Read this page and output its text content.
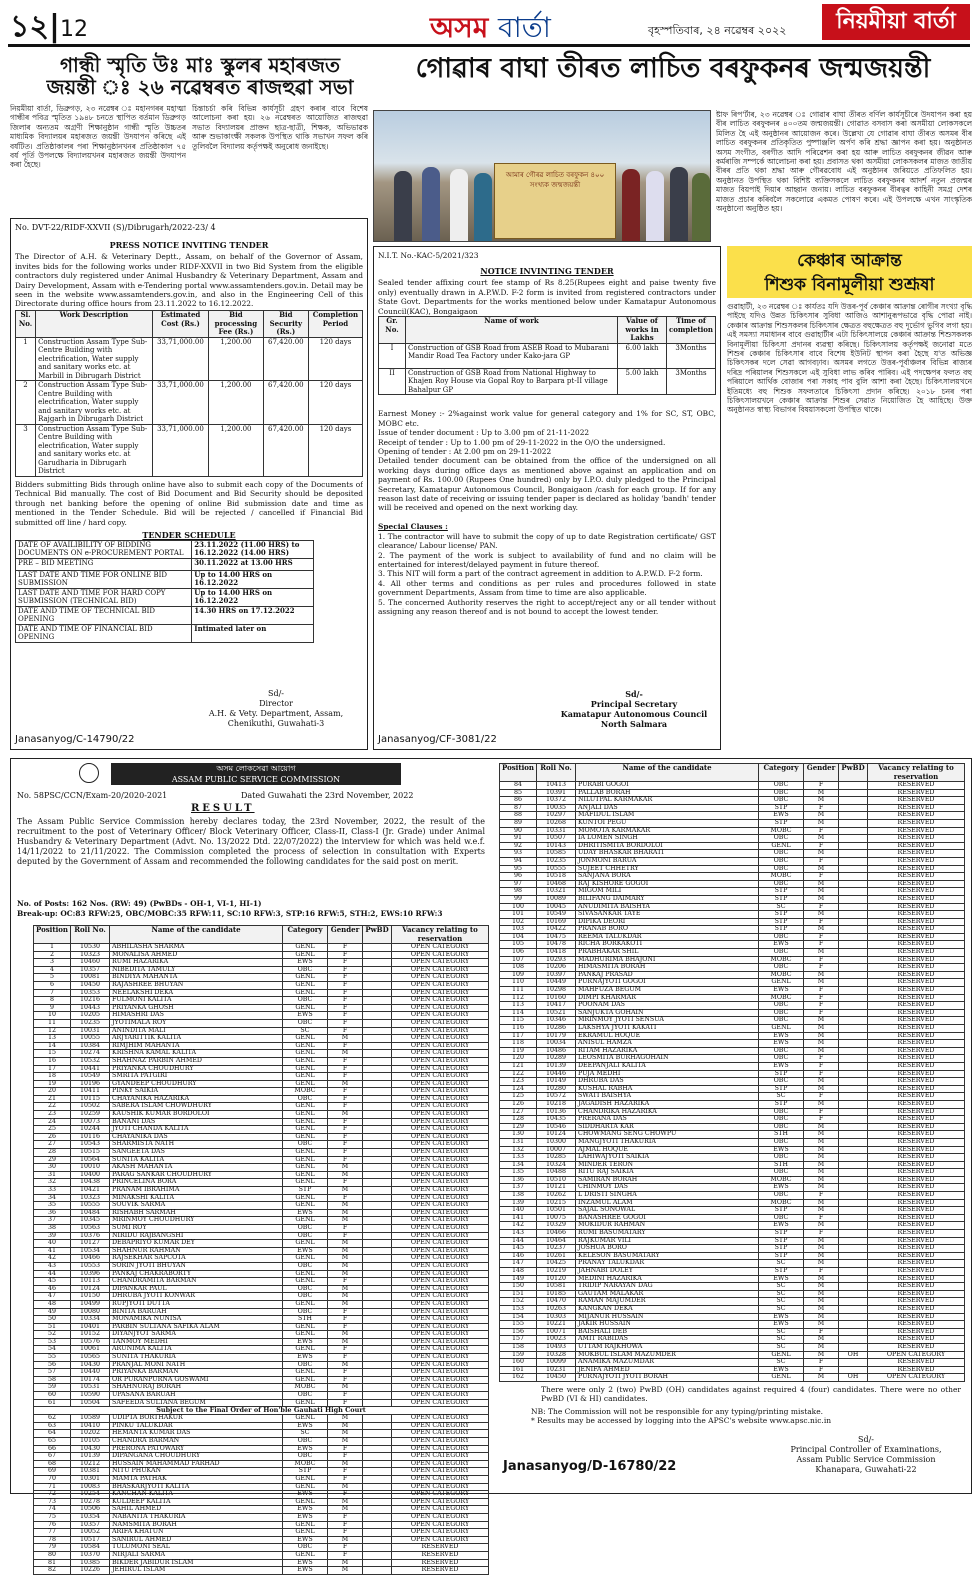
১২|12	অসম বার্তা	বৃহস্পতিবাৰ, ২৪ নৱেম্বৰ ২০২২	নিয়মীয়া বার্তা
গান্ধী স্মৃতি উঃ মাঃ স্কুলৰ মহাৰজত
জয়ন্তী ঃ ২৬ নৱেম্বৰত ৰাজহুৱা সভা
নিয়মীয়া বাৰ্তা, ডিব্ৰুগড়, ২৩ নৱেম্বৰ ঃ মহানগৰৰ মহাত্মা গান্ধীৰ পবিত্ৰ স্মৃতিত ১৯৪৮ চনতে স্থাপিত বৰ্তমান ডিব্ৰুগড় জিলাৰ অন্যতম অগ্ৰণী শিক্ষানুষ্ঠান গান্ধী স্মৃতি উচ্চতৰ মাধ্যমিক বিদ্যালয়ৰ মহাৰজত জয়ন্তী উদযাপন কৰিছে এই বৰ্ষটিত। প্ৰতিষ্ঠাকালৰ পৰা শিক্ষানুষ্ঠানখনৰ প্ৰতিষ্ঠাকাল ৭৫ বৰ্ষ পূৰ্তি উপলক্ষে বিদ্যালয়খনৰ মহাৰজত জয়ন্তী উদযাপন কৰা হৈছে।
চিন্তাচৰ্চা কৰি বিভিন্ন কাৰ্যসূচী গ্ৰহণ কৰাৰ বাবে বিশেষ আলোচনা কৰা হয়। ২৬ নৱেম্বৰত আয়োজিত ৰাজহুৱা সভাত বিদ্যালয়ৰ প্ৰাক্তন ছাত্ৰ-ছাত্ৰী, শিক্ষক, অভিভাৱক আৰু শুভাকাংক্ষী সকলক উপস্থিত থাকি সভাখন সফল কৰি তুলিবলৈ বিদ্যালয় কৰ্তৃপক্ষই অনুৰোধ জনাইছে।
No. DVT-22/RIDF-XXVII (S)/Dibrugarh/2022-23/ 4
PRESS NOTICE INVITING TENDER
The Director of A.H. & Veterinary Deptt., Assam, on behalf of the Governor of Assam, invites bids for the following works under RIDF-XXVII in two Bid System from the eligible contractors duly registered under Animal Husbandry & Veterinary Department, Assam and Dairy Development, Assam with e-Tendering portal www.assamtenders.gov.in. Detail may be seen in the website www.assamtenders.gov.in, and also in the Engineering Cell of this Directorate during office hours from 23.11.2022 to 16.12.2022.
Sl. No.	Work Description	Estimated Cost (Rs.)	Bid processing Fee (Rs.)	Bid Security (Rs.)	Completion Period
1	Construction Assam Type Sub-Centre Building with electrification, Water supply and sanitary works etc. at Marbill in Dibrugarh District	33,71,000.00	1,200.00	67,420.00	120 days
2	Construction Assam Type Sub-Centre Building with electrification, Water supply and sanitary works etc. at Rajgarh in Dibrugarh District	33,71,000.00	1,200.00	67,420.00	120 days
3	Construction Assam Type Sub-Centre Building with electrification, Water supply and sanitary works etc. at Garudharia in Dibrugarh District	33,71,000.00	1,200.00	67,420.00	120 days
Bidders submitting Bids through online have also to submit each copy of the Documents of Technical Bid manually. The cost of Bid Document and Bid Security should be deposited through net banking before the opening of online Bid submission date and time as mentioned in the Tender Schedule. Bid will be rejected / cancelled if Financial Bid submitted off line / hard copy.
TENDER SCHEDULE
DATE OF AVAILIBILITY OF BIDDING DOCUMENTS ON e-PROCUREMENT PORTAL	23.11.2022 (11.00 HRS) to 16.12.2022 (14.00 HRS)
PRE – BID MEETING	30.11.2022 at 13.00 HRS
LAST DATE AND TIME FOR ONLINE BID SUBMISSION	Up to 14.00 HRS on 16.12.2022
LAST DATE AND TIME FOR HARD COPY SUBMISSION (TECHNICAL BID)	Up to 14.00 HRS on 16.12.2022
DATE AND TIME OF TECHNICAL BID OPENING	14.30 HRS on 17.12.2022
DATE AND TIME OF FINANCIAL BID OPENING	Intimated later on
Sd/-
Director
A.H. & Vety. Department, Assam,
Chenikuthi, Guwahati-3
Janasanyog/C-14790/22
গোৱাৰ বাঘা তীৰত লাচিত বৰফুকনৰ জন্মজয়ন্তী
আমাৰ গৌৰৱ লাচিত বৰফুকন ৪০০ সংখ্যক জন্মজয়ন্তী
ষ্টাফ ৰিপ'ৰ্টাৰ, ২৩ নৱেম্বৰ ঃ গোৱাৰ বাঘা তীৰত বৰ্ণিল কাৰ্যসূচীৰে উদযাপন কৰা হয় বীৰ লাচিত বৰফুকনৰ ৪০০তম জন্মজয়ন্তী। গোৱাত বসবাস কৰা অসমীয়া লোকসকলে মিলিত হৈ এই অনুষ্ঠানৰ আয়োজন কৰে। উল্লেখ্য যে গোৱাৰ বাঘা তীৰত অসমৰ বীৰ লাচিত বৰফুকনৰ প্ৰতিকৃতিত পুষ্পাঞ্জলি অৰ্পণ কৰি শ্ৰদ্ধা জ্ঞাপন কৰা হয়। অনুষ্ঠানত অসম সংগীত, বৰগীত আদি পৰিৱেশন কৰা হয় আৰু লাচিত বৰফুকনৰ জীৱন আৰু কৰ্মৰাজি সম্পৰ্কে আলোচনা কৰা হয়। প্ৰবাসত থকা অসমীয়া লোকসকলৰ মাজত জাতীয় বীৰৰ প্ৰতি থকা শ্ৰদ্ধা আৰু গৌৰৱবোধ এই অনুষ্ঠানৰ জৰিয়তে প্ৰতিফলিত হয়। অনুষ্ঠানত উপস্থিত থকা বিশিষ্ট ব্যক্তিসকলে লাচিত বৰফুকনৰ আদৰ্শ নতুন প্ৰজন্মৰ মাজত বিয়পাই দিয়াৰ আহ্বান জনায়। লাচিত বৰফুকনৰ বীৰত্বৰ কাহিনী সমগ্ৰ দেশৰ মাজত প্ৰচাৰ কৰিবলৈ সকলোৱে একমত পোষণ কৰে। এই উপলক্ষে এখন সাংস্কৃতিক অনুষ্ঠানো অনুষ্ঠিত হয়।
N.I.T. No.-KAC-5/2021/323
NOTICE INVINTING TENDER
Sealed tender affixing court fee stamp of Rs 8.25(Rupees eight and paise twenty five only) eventually drawn in A.P.W.D. F-2 form is invited from registered contractors under State Govt. Departments for the works mentioned below under Kamatapur Autonomous Council(KAC), Bongaigaon
Gr. No.	Name of work	Value of works in Lakhs	Time of completion
I	Construction of GSB Road from ASEB Road to Mubarani Mandir Road Tea Factory under Kako-jara GP	6.00 lakh	3Months
II	Construction of GSB Road from National Highway to Khajen Roy House via Gopal Roy to Barpara pt-II village Bahalpur GP	5.00 lakh	3Months
Earnest Money :- 2%against work value for general category and 1% for SC, ST, OBC, MOBC etc.
Issue of tender document : Up to 3.00 pm of 21-11-2022
Receipt of tender : Up to 1.00 pm of 29-11-2022 in the O/O the undersigned.
Opening of tender : At 2.00 pm on 29-11-2022
Detailed tender document can be obtained from the office of the undersigned on all working days during office days as mentioned above against an application and on payment of Rs. 100.00 (Rupees One hundred) only by I.P.O. duly pledged to the Principal Secretary, Kamatapur Autonomous Council, Bongaigaon /cash for each group. If for any reason last date of receiving or issuing tender paper is declared as holiday 'bandh' tender will be received and opened on the next working day.
Special Clauses :
1. The contractor will have to submit the copy of up to date Registration certificate/ GST clearance/ Labour license/ PAN.
2. The payment of the work is subject to availability of fund and no claim will be entertained for interest/delayed payment in future thereof.
3. This NIT will form a part of the contract agreement in addition to A.P.W.D. F-2 form.
4. All other terms and conditions as per rules and procedures followed in state government Departments, Assam from time to time are also applicable.
5. The concerned Authority reserves the right to accept/reject any or all tender without assigning any reason thereof and is not bound to accept the lowest tender.
Sd/-
Principal Secretary
Kamatapur Autonomous Council
North Salmara
Janasanyog/CF-3081/22
কেঞ্চাৰ আক্ৰান্ত
শিশুক বিনামূলীয়া শুশ্ৰূষা
গুৱাহাটী, ২৩ নৱেম্বৰ ঃ কাৰ্যতঃ যদি উত্তৰ-পূৰ্ব কেঞ্চাৰ আক্ৰান্ত ৰোগীৰ সংখ্যা বৃদ্ধি পাইছে যদিও উন্নত চিকিৎসাৰ সুবিধা আজিও আশানুৰূপভাৱে বৃদ্ধি পোৱা নাই। কেঞ্চাৰ আক্ৰান্ত শিশুসকলৰ চিকিৎসাৰ ক্ষেত্ৰত বহুক্ষেত্ৰত বহু দূৰ্ভোগ ভুগিব লগা হয়। এই সমস্যা সমাধানৰ বাবে গুৱাহাটীৰ এটা চিকিৎসালয়ে কেঞ্চাৰ আক্ৰান্ত শিশুসকলক বিনামূলীয়া চিকিৎসা প্ৰদানৰ ব্যৱস্থা কৰিছে। চিকিৎসালয় কৰ্তৃপক্ষই জনোৱা মতে শিশুৰ কেঞ্চাৰ চিকিৎসাৰ বাবে বিশেষ ইউনিট স্থাপন কৰা হৈছে য'ত অভিজ্ঞ চিকিৎসকৰ দলে সেৱা আগবঢ়াব। অসমৰ লগতে উত্তৰ-পূৰ্বাঞ্চলৰ বিভিন্ন ৰাজ্যৰ দৰিদ্ৰ পৰিয়ালৰ শিশুসকলে এই সুবিধা লাভ কৰিব পাৰিব। এই পদক্ষেপৰ ফলত বহু পৰিয়ালে আৰ্থিক বোজাৰ পৰা সকাহ পাব বুলি আশা কৰা হৈছে। চিকিৎসালয়খনে ইতিমধ্যে বহু শিশুক সফলতাৰে চিকিৎসা প্ৰদান কৰিছে। ২০১৮ চনৰ পৰা চিকিৎসালয়খনে কেঞ্চাৰ আক্ৰান্ত শিশুৰ সেৱাত নিয়োজিত হৈ আহিছে। উক্ত অনুষ্ঠানত স্বাস্থ্য বিভাগৰ বিষয়াসকলো উপস্থিত থাকে।
অসম লোকসেৱা আয়োগ
ASSAM PUBLIC SERVICE COMMISSION
No. 58PSC/CCN/Exam-20/2020-2021	Dated Guwahati the 23rd November, 2022
RESULT
The Assam Public Service Commission hereby declares today, the 23rd November, 2022, the result of the recruitment to the post of Veterinary Officer/ Block Veterinary Officer, Class-II, Class-I (Jr. Grade) under Animal Husbandry & Veterinary Department (Advt. No. 13/2022 Dtd. 22/07/2022) the interview for which was held w.e.f. 14/11/2022 to 21/11/2022. The Commission completed the process of selection in consultation with Experts deputed by the Government of Assam and recommended the following candidates for the said post on merit.
No. of Posts: 162 Nos. (RW: 49) (PwBDs - OH-1, VI-1, HI-1)
Break-up: OC:83 RFW:25, OBC/MOBC:35 RFW:11, SC:10 RFW:3, STP:16 RFW:5, STH:2, EWS:10 RFW:3
Position	Roll No.	Name of the candidate	Category	Gender	PwBD	Vacancy relating to reservation
1	10530	ABHILASHA SHARMA	GENL	F		OPEN CATEGORY
2	10323	MONALISA AHMED	GENL	F		OPEN CATEGORY
3	10460	RUMI HAZARIKA	EWS	F		OPEN CATEGORY
4	10357	NIBEDITA TAMULY	OBC	F		OPEN CATEGORY
5	10081	BINDIYA MAHANTA	GENL	F		OPEN CATEGORY
6	10450	RAJASHREE BHUYAN	GENL	F		OPEN CATEGORY
7	10353	NEELAKSHI DEKA	GENL	F		OPEN CATEGORY
8	10216	FULMONI KALITA	OBC	F		OPEN CATEGORY
9	10443	PRIYANKA GHOSH	GENL	F		OPEN CATEGORY
10	10205	HIMASHRI DAS	EWS	F		OPEN CATEGORY
11	10235	JYOTIMALA ROY	OBC	F		OPEN CATEGORY
12	10031	ANINDITA MALI	SC	F		OPEN CATEGORY
13	10055	ARJYARITTIK KALITA	GENL	M		OPEN CATEGORY
14	10384	RIMJHIM MAHANTA	GENL	F		OPEN CATEGORY
15	10274	KRISHNA KAMAL KALITA	GENL	M		OPEN CATEGORY
16	10532	SHAHNAZ PARBIN AHMED	GENL	F		OPEN CATEGORY
17	10441	PRIYANKA CHOUDHURY	GENL	F		OPEN CATEGORY
18	10549	SMRITA PATGIRI	GENL	F		OPEN CATEGORY
19	10196	GYANDEEP CHOUDHURY	GENL	M		OPEN CATEGORY
20	10411	PINKY SAIKIA	MOBC	F		OPEN CATEGORY
21	10115	CHAYANIKA HAZARIKA	OBC	F		OPEN CATEGORY
22	10502	SABERA ISLAM CHOWDHURY	GENL	F		OPEN CATEGORY
23	10259	KAUSHIK KUMAR BORDOLOI	GENL	M		OPEN CATEGORY
24	10073	BANANI DAS	GENL	F		OPEN CATEGORY
25	10244	JYOTI CHANDA KALITA	GENL	F		OPEN CATEGORY
26	10116	CHAYANIKA DAS	GENL	F		OPEN CATEGORY
27	10543	SHARMISTA NATH	OBC	F		OPEN CATEGORY
28	10515	SANGEETA DAS	GENL	F		OPEN CATEGORY
29	10564	SUNITA KALITA	GENL	F		OPEN CATEGORY
30	10010	AKASH MAHANTA	GENL	M		OPEN CATEGORY
31	10400	PARAG SANKAR CHOUDHURY	GENL	M		OPEN CATEGORY
32	10438	PRINCELINA BORA	GENL	F		OPEN CATEGORY
33	10421	PRANAM IBRAHIMA	STP	M		OPEN CATEGORY
34	10323	MINAKSHI KALITA	GENL	F		OPEN CATEGORY
35	10555	SOUVIK SARMA	GENL	M		OPEN CATEGORY
36	10484	RISHABH SARMAH	EWS	M		OPEN CATEGORY
37	10345	MRINMOY CHOUDHURY	GENL	M		OPEN CATEGORY
38	10563	SUMI ROY	OBC	F		OPEN CATEGORY
39	10376	NIRIDU RAJBANGSHI	OBC	F		OPEN CATEGORY
40	10127	DEBAPRIYO KUMAR DEY	GENL	M		OPEN CATEGORY
41	10534	SHAHNUR RAHMAN	EWS	M		OPEN CATEGORY
42	10466	RAJSEKHAR SAPCOTA	GENL	M		OPEN CATEGORY
43	10553	SORIN JYOTI BHUYAN	OBC	M		OPEN CATEGORY
44	10396	PANKAJ CHAKRABORTY	GENL	M		OPEN CATEGORY
45	10113	CHANDRAMITA BARMAN	GENL	F		OPEN CATEGORY
46	10124	DIPANKAR PAUL	OBC	M		OPEN CATEGORY
47	10150	DHRUBA JYOTI KONWAR	OBC	M		OPEN CATEGORY
48	10499	RUPJYOTI DUTTA	GENL	M		OPEN CATEGORY
49	10080	BINITA BARUAH	OBC	F		OPEN CATEGORY
50	10334	MONAMIKA NUNISA	STH	F		OPEN CATEGORY
51	10401	PARBIN SULTANA SAFIKA ALAM	GENL	F		OPEN CATEGORY
52	10152	DIYANJYOT SARMA	GENL	M		OPEN CATEGORY
53	10576	TANMOY MEDHI	EWS	M		OPEN CATEGORY
54	10061	ARUNIMA KALITA	GENL	F		OPEN CATEGORY
55	10565	SUNITA THAKURIA	EWS	F		OPEN CATEGORY
56	10430	PRANJAL MONI NATH	OBC	M		OPEN CATEGORY
57	10440	PRIYANKA BARMAN	GENL	F		OPEN CATEGORY
58	10174	OR PURANPURNA GOSWAMI	GENL	F		OPEN CATEGORY
59	10531	SHAHNURAJ BORAH	MOBC	M		OPEN CATEGORY
60	10590	UPASANA BARUAH	OBC	F		OPEN CATEGORY
61	10504	SAFEEDA SULTANA BEGUM	GENL	F		OPEN CATEGORY
Subject to the Final Order of Hon'ble Gauhati High Court						
62	10589	UDIPTA BORTHAKUR	GENL	M		OPEN CATEGORY
63	10410	PINKU TALUKDAR	EWS	M		OPEN CATEGORY
64	10202	HEMANTA KUMAR DAS	SC	M		OPEN CATEGORY
65	10105	CHANDRA BARMAN	OBC	M		OPEN CATEGORY
66	10430	PRERONA PATOWARY	EWS	F		OPEN CATEGORY
67	10139	DIPANGANA CHOUDHURY	OBC	F		OPEN CATEGORY
68	10212	HUSSAIN MAHAMMAD FARHAD	MOBC	M		OPEN CATEGORY
69	10381	NITU PHUKAN	STP	F		OPEN CATEGORY
70	10301	MAMTA PATHAK	GENL	F		OPEN CATEGORY
71	10083	BHASKARJYOTI KALITA	GENL	M		OPEN CATEGORY
72	10254	KANCHAN KALITA	EWS	F		OPEN CATEGORY
73	10278	KULDEEP KALITA	GENL	M		OPEN CATEGORY
74	10506	SAHIL AHMED	EWS	M		OPEN CATEGORY
75	10354	NABANITA THAKURIA	EWS	F		OPEN CATEGORY
76	10357	NAMSMITA BORAH	GENL	F		OPEN CATEGORY
77	10052	ARIFA KHATUN	GENL	F		OPEN CATEGORY
78	10517	SANIRUL AHMED	EWS	M		OPEN CATEGORY
79	10584	TULUMONI SEAL	OBC	F		RESERVED
80	10370	NIRJALI SARMA	GENL	F		RESERVED
81	10385	BIKDER JABIDUR ISLAM	EWS	M		RESERVED
82	10226	JEHIRUL ISLAM	EWS	M		RESERVED
Position	Roll No.	Name of the candidate	Category	Gender	PwBD	Vacancy relating to reservation
84	10413	PURABI GOGOI	OBC	F		RESERVED
85	10391	PALLAB BORAH	OBC	M		RESERVED
86	10372	NILUTPAL KARMAKAR	OBC	M		RESERVED
87	10035	ANJALI DAS	STP	F		RESERVED
88	10297	MAFIDUL ISLAM	EWS	M		RESERVED
89	10268	KUNTOI PEGU	STP	M		RESERVED
90	10331	MOMOTA KARMAKAR	MOBC	F		RESERVED
91	10507	IA LOMEN SINGH	OBC	M		RESERVED
92	10143	DHRITISMITA BORDOLOI	GENL	F		RESERVED
93	10585	UDAY BHASKAR BHARATI	OBC	M		RESERVED
94	10235	JONMONI BARUA	OBC	F		RESERVED
95	10555	SUJEET CHHETRY	OBC	M		RESERVED
96	10518	SANJANA BORA	MOBC	F		RESERVED
97	10468	RAJ KISHORE GOGOI	OBC	M		RESERVED
98	10321	MIGOM MILI	STP	M		RESERVED
99	10089	BILIFANG DAIMARY	STP	M		RESERVED
100	10045	ANUDIMITA BAISHYA	SC	F		RESERVED
101	10549	SIVASANKAR TAYE	STP	M		RESERVED
102	10169	DIPIKA DEORI	STP	F		RESERVED
103	10422	PRANAB BORO	STP	M		RESERVED
104	10475	REEMA TALUKDAR	OBC	F		RESERVED
105	10478	RICHA BORKAKOTI	EWS	F		RESERVED
106	10418	PRABHAKAR SHIL	OBC	M		RESERVED
107	10293	MADHURIMA BHAJONI	MOBC	F		RESERVED
108	10206	HIMASMITA BORAH	OBC	F		RESERVED
109	10397	PANKAJ PRASAD	MOBC	M		RESERVED
110	10449	PURNAJYOTI GOGOI	GENL	M		RESERVED
111	10298	MAHFUZA BEGUM	EWS	F		RESERVED
112	10160	DIMPI KHARMAR	MOBC	F		RESERVED
113	10417	POONAM DAS	OBC	F		RESERVED
114	10521	SANJUKTA GOHAIN	OBC	F		RESERVED
115	10346	MRINMOY JYOTI SENSUA	OBC	M		RESERVED
116	10286	LAKSHYA JYOTI KAKATI	GENL	M		RESERVED
117	10179	EKRAMUL HOQUE	EWS	M		RESERVED
118	10034	ANISUL HAMZA	EWS	M		RESERVED
119	10486	RITAM HAZARIKA	OBC	M		RESERVED
120	10289	LEOSMITA BURHAGOHAIN	OBC	F		RESERVED
121	10139	DEEPANJALI KALITA	EWS	F		RESERVED
122	10446	PUJA MEDHI	STP	F		RESERVED
123	10149	DHRUBA DAS	OBC	M		RESERVED
124	10280	KUSHAL RABHA	STP	M		RESERVED
125	10572	SWATI BAISHYA	SC	F		RESERVED
126	10218	JAGADISH HAZARIKA	STP	M		RESERVED
127	10136	CHANDRIKA HAZARIKA	OBC	F		RESERVED
128	10435	PRERANA DAS	OBC	F		RESERVED
129	10546	SIDDHARTA KAR	OBC	M		RESERVED
130	10124	CHOWMANG SENG CHOWPU	STH	M		RESERVED
131	10300	MANGJYOTI THAKURIA	OBC	M		RESERVED
132	10007	AJMAL HOQUE	EWS	M		RESERVED
133	10285	LAHIWAJYOTI SAIKIA	OBC	M		RESERVED
134	10324	MINDER TERON	STH	M		RESERVED
135	10488	RITU RAJ SAIKIA	OBC	M		RESERVED
136	10510	SAMIRAN BORAH	MOBC	M		RESERVED
137	10121	CHINMOY DAS	EWS	M		RESERVED
138	10262	L DRISTI SINGHA	OBC	F		RESERVED
139	10215	INZAMUL ALAM	MOBC	M		RESERVED
140	10501	SAJAL SONOWAL	STP	M		RESERVED
141	10075	BANASHREE GOGOI	OBC	F		RESERVED
142	10329	MOKIDUR RAHMAN	EWS	M		RESERVED
143	10466	RUMI BASUMATARY	STP	F		RESERVED
144	10464	RAJKUMAR VILI	STP	M		RESERVED
145	10237	JOSHUA BORO	STP	M		RESERVED
146	10261	KELESON BASUMATARY	STP	M		RESERVED
147	10425	PRANAY TALUKDAR	SC	M		RESERVED
148	10219	JAHNABI DOLEY	STP	F		RESERVED
149	10120	MEDINI HAZARIKA	EWS	M		RESERVED
150	10581	TRIDIP NARAYAN DAG	SC	M		RESERVED
151	10185	GAUTAM MALAKAR	SC	M		RESERVED
152	10470	RAMAN MAJUMDER	SC	M		RESERVED
153	10263	KANGKAN DEKA	SC	M		RESERVED
154	10303	MIJANUR HUSSAIN	EWS	M		RESERVED
155	10221	JAKIR HUSSAIN	EWS	M		RESERVED
156	10071	BAISHALI DEB	SC	F		RESERVED
157	10023	AMIT RABIDAS	SC	M		RESERVED
158	10493	UTTAM RAJKHOWA	SC	M		RESERVED
159	10328	MOKBUL ISLAM MAZUMDER	GENL	M	OH	OPEN CATEGORY
160	10099	ANAMIKA MAZUMDAR	SC	F		RESERVED
161	10231	JENIFA AHMED	EWS	F		RESERVED
162	10450	PURNAJYOTI JYOTI BORAH	GENL	M	OH	OPEN CATEGORY
There were only 2 (two) PwBD (OH) candidates against required 4 (four) candidates. There were no other PwBD (VI & HI) candidates.
NB: The Commission will not be responsible for any typing/printing mistake.
* Results may be accessed by logging into the APSC's website www.apsc.nic.in
Sd/-
Principal Controller of Examinations,
Assam Public Service Commission
Khanapara, Guwahati-22
Janasanyog/D-16780/22
